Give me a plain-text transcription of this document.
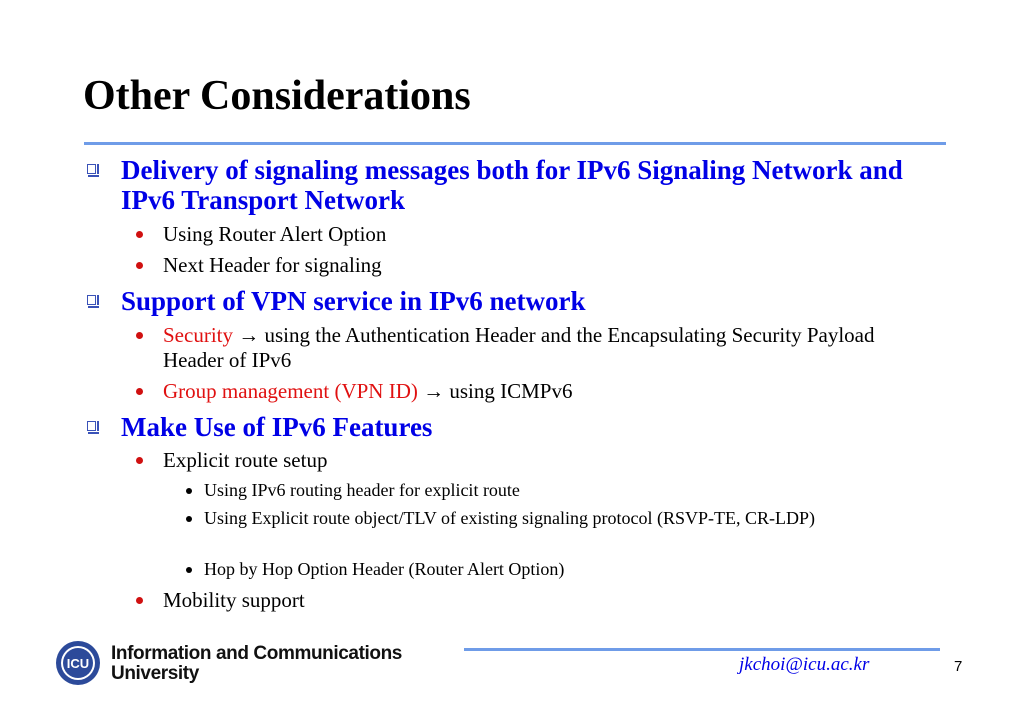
Other Considerations
Delivery of signaling messages both for IPv6 Signaling Network and IPv6 Transport Network
Using Router Alert Option
Next Header for signaling
Support of VPN service in IPv6 network
Security → using the Authentication Header and the Encapsulating Security Payload Header of IPv6
Group management (VPN ID) → using ICMPv6
Make Use of IPv6 Features
Explicit route setup
Using IPv6 routing header for explicit route
Using Explicit route object/TLV of existing signaling protocol (RSVP-TE, CR-LDP)
Hop by Hop Option Header (Router Alert Option)
Mobility support
ICU Information and Communications
University	jkchoi@icu.ac.kr	7
